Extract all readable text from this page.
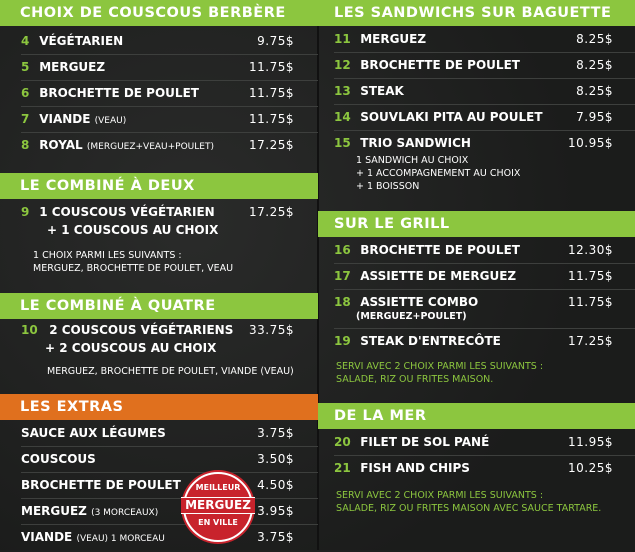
CHOIX DE COUSCOUS BERBÈRE
4 VÉGÉTARIEN	9.75$
5 MERGUEZ	11.75$
6 BROCHETTE DE POULET	11.75$
7 VIANDE (VEAU)	11.75$
8 ROYAL (MERGUEZ+VEAU+POULET)	17.25$
LE COMBINÉ À DEUX
9 1 COUSCOUS VÉGÉTARIEN	17.25$
+ 1 COUSCOUS AU CHOIX
1 CHOIX PARMI LES SUIVANTS :
MERGUEZ, BROCHETTE DE POULET, VEAU
LE COMBINÉ À QUATRE
10 2 COUSCOUS VÉGÉTARIENS 33.75$
+ 2 COUSCOUS AU CHOIX
MERGUEZ, BROCHETTE DE POULET, VIANDE (VEAU)
LES EXTRAS
SAUCE AUX LÉGUMES	3.75$
COUSCOUS	3.50$
BROCHETTE DE POULET	4.50$
MERGUEZ (3 MORCEAUX)	3.95$
VIANDE (VEAU) 1 MORCEAU	3.75$
MEILLEUR
MERGUEZ
EN VILLE
LES SANDWICHS SUR BAGUETTE
11 MERGUEZ	8.25$
12 BROCHETTE DE POULET	8.25$
13 STEAK	8.25$
14 SOUVLAKI PITA AU POULET	7.95$
15 TRIO SANDWICH	10.95$
1 SANDWICH AU CHOIX
+ 1 ACCOMPAGNEMENT AU CHOIX
+ 1 BOISSON
SUR LE GRILL
16 BROCHETTE DE POULET	12.30$
17 ASSIETTE DE MERGUEZ	11.75$
18 ASSIETTE COMBO	11.75$
(MERGUEZ+POULET)
19 STEAK D'ENTRECÔTE	17.25$
SERVI AVEC 2 CHOIX PARMI LES SUIVANTS :
SALADE, RIZ OU FRITES MAISON.
DE LA MER
20 FILET DE SOL PANÉ	11.95$
21 FISH AND CHIPS	10.25$
SERVI AVEC 2 CHOIX PARMI LES SUIVANTS :
SALADE, RIZ OU FRITES MAISON AVEC SAUCE TARTARE.
